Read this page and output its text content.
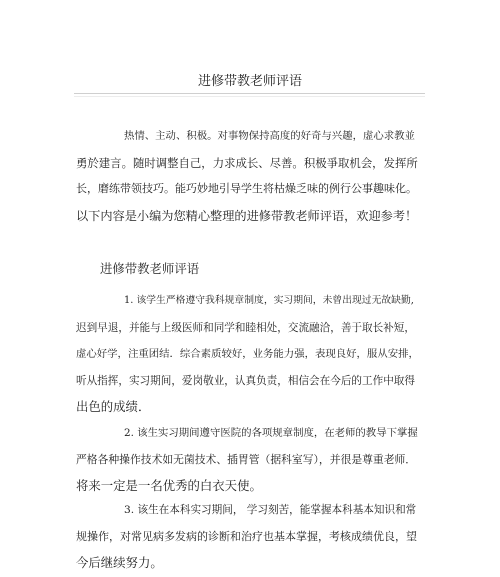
进修带教老师评语
热情、主动、积极。对事物保持高度的好奇与兴趣，虚心求教並
勇於建言。随时调整自己，力求成长、尽善。积极爭取机会，发挥所
长，磨练带领技巧。能巧妙地引导学生将枯燥乏味的例行公事趣味化。
以下内容是小编为您精心整理的进修带教老师评语，欢迎参考！
进修带教老师评语
1. 该学生严格遵守我科规章制度，实习期间，未曾出现过无故缺勤,
迟到早退，并能与上级医师和同学和睦相处，交流融洽，善于取长补短，
虚心好学，注重团结．综合素质较好，业务能力强，表现良好，服从安排，
听从指挥，实习期间，爱岗敬业，认真负责，相信会在今后的工作中取得
出色的成绩．
2. 该生实习期间遵守医院的各项规章制度，在老师的教导下掌握
严格各种操作技术如无菌技术、插胃管（据科室写），并很是尊重老师．
将来一定是一名优秀的白衣天使。
3. 该生在本科实习期间， 学习刻苦，能掌握本科基本知识和常
规操作，对常见病多发病的诊断和治疗也基本掌握，考核成绩优良，望
今后继续努力。
